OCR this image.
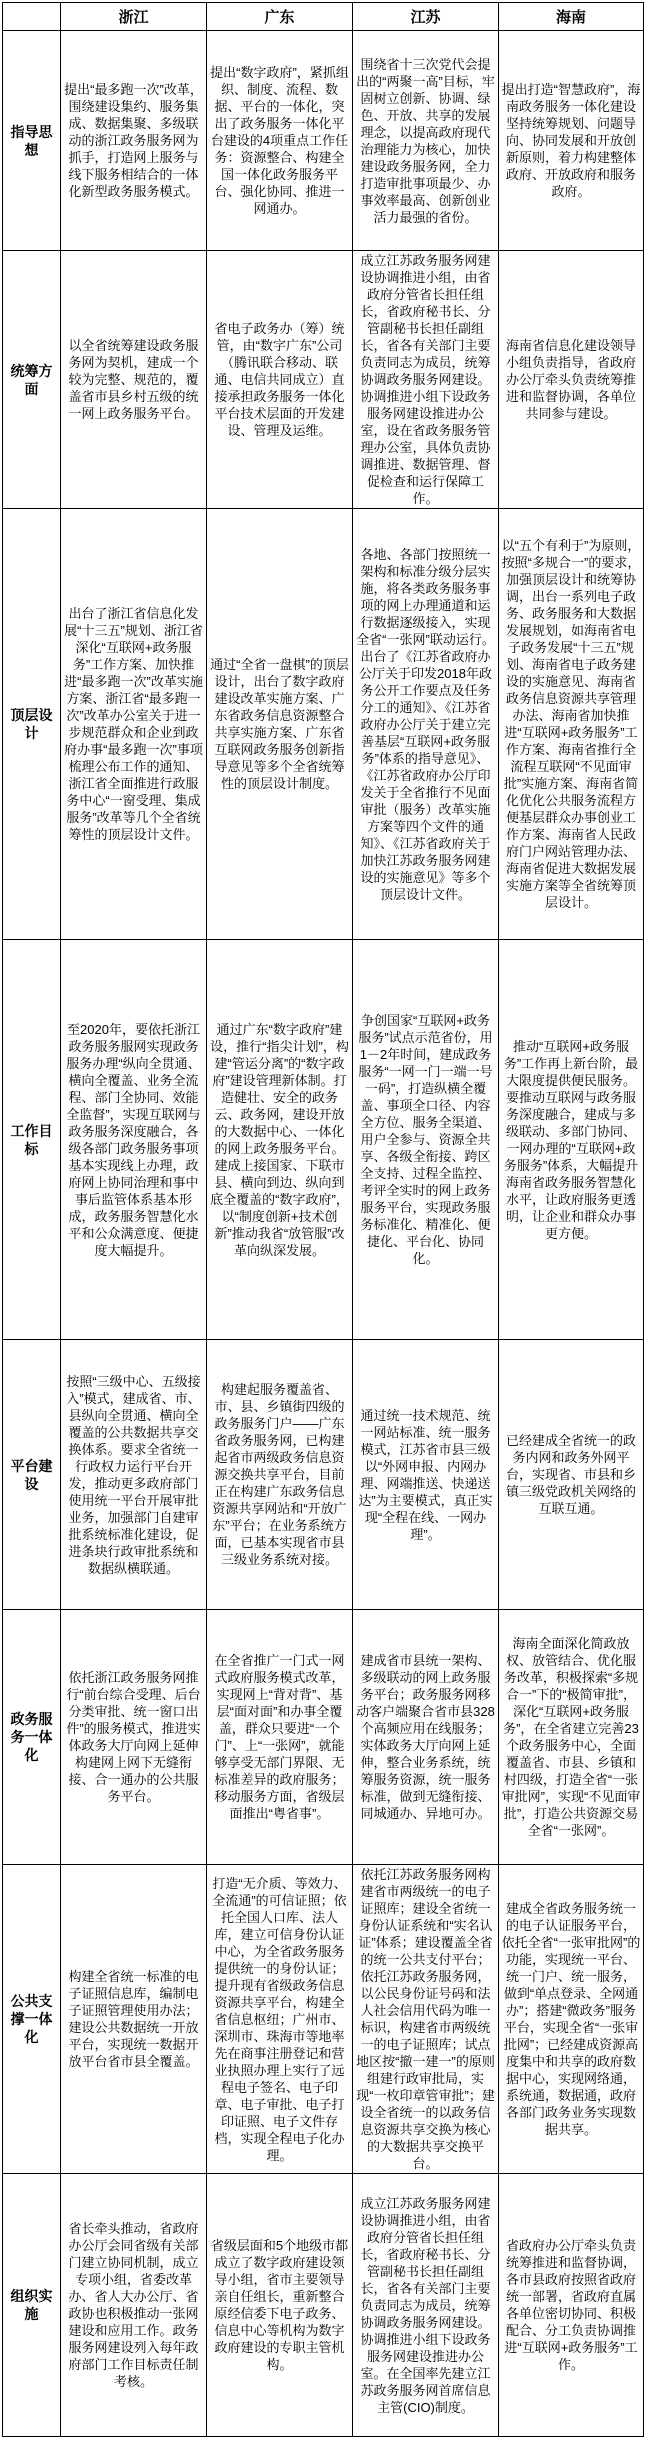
	浙江	广东	江苏	海南
指导思想	提出“最多跑一次”改革，围绕建设集约、服务集成、数据集聚、多级联动的浙江政务服务网为抓手，打造网上服务与线下服务相结合的一体化新型政务服务模式。	提出“数字政府”，紧抓组织、制度、流程、数据、平台的一体化，突出了政务服务一体化平台建设的4项重点工作任务：资源整合、构建全国一体化政务服务平台、强化协同、推进一网通办。	围绕省十三次党代会提出的“两聚一高”目标，牢固树立创新、协调、绿色、开放、共享的发展理念，以提高政府现代治理能力为核心，加快建设政务服务网，全力打造审批事项最少、办事效率最高、创新创业活力最强的省份。	提出打造“智慧政府”，海南政务服务一体化建设坚持统筹规划、问题导向、协同发展和开放创新原则，着力构建整体政府、开放政府和服务政府。
统筹方面	以全省统筹建设政务服务网为契机，建成一个较为完整、规范的，覆盖省市县乡村五级的统一网上政务服务平台。	省电子政务办（筹）统管，由“数字广东”公司（腾讯联合移动、联通、电信共同成立）直接承担政务服务一体化平台技术层面的开发建设、管理及运维。	成立江苏政务服务网建设协调推进小组，由省政府分管省长担任组长，省政府秘书长、分管副秘书长担任副组长，省各有关部门主要负责同志为成员，统筹协调政务服务网建设。协调推进小组下设政务服务网建设推进办公室，设在省政务服务管理办公室，具体负责协调推进、数据管理、督促检查和运行保障工作。	海南省信息化建设领导小组负责指导，省政府办公厅牵头负责统筹推进和监督协调，各单位共同参与建设。
顶层设计	出台了浙江省信息化发展“十三五”规划、浙江省深化“互联网+政务服务”工作方案、加快推进“最多跑一次”改革实施方案、浙江省“最多跑一次”改革办公室关于进一步规范群众和企业到政府办事“最多跑一次”事项梳理公布工作的通知、浙江省全面推进行政服务中心“一窗受理、集成服务”改革等几个全省统筹性的顶层设计文件。	通过“全省一盘棋”的顶层设计，出台了数字政府建设改革实施方案、广东省政务信息资源整合共享实施方案、广东省互联网政务服务创新指导意见等多个全省统筹性的顶层设计制度。	各地、各部门按照统一架构和标准分级分层实施，将各类政务服务事项的网上办理通道和运行数据逐级接入，实现全省“一张网”联动运行。出台了《江苏省政府办公厅关于印发2018年政务公开工作要点及任务分工的通知》、《江苏省政府办公厅关于建立完善基层“互联网+政务服务”体系的指导意见》、《江苏省政府办公厅印发关于全省推行不见面审批（服务）改革实施方案等四个文件的通知》、《江苏省政府关于加快江苏政务服务网建设的实施意见》等多个顶层设计文件。	以“五个有利于”为原则，按照“多规合一”的要求，加强顶层设计和统筹协调，出台一系列电子政务、政务服务和大数据发展规划，如海南省电子政务发展“十三五”规划、海南省电子政务建设的实施意见、海南省政务信息资源共享管理办法、海南省加快推进“互联网+政务服务”工作方案、海南省推行全流程互联网“不见面审批”实施方案、海南省简化优化公共服务流程方便基层群众办事创业工作方案、海南省人民政府门户网站管理办法、海南省促进大数据发展实施方案等全省统筹顶层设计。
工作目标	至2020年，要依托浙江政务服务服网实现政务服务办理“纵向全贯通、横向全覆盖、业务全流程、部门全协同、效能全监督”，实现互联网与政务服务深度融合，各级各部门政务服务事项基本实现线上办理，政府网上协同治理和事中事后监管体系基本形成，政务服务智慧化水平和公众满意度、便捷度大幅提升。	通过广东“数字政府”建设，推行“指尖计划”，构建“管运分离”的“数字政府”建设管理新体制。打造健壮、安全的政务云、政务网，建设开放的大数据中心、一体化的网上政务服务平台。建成上接国家、下联市县、横向到边、纵向到底全覆盖的“数字政府”，以“制度创新+技术创新”推动我省“放管服”改革向纵深发展。	争创国家“互联网+政务服务”试点示范省份，用1－2年时间，建成政务服务“一网一门一端一号一码”，打造纵横全覆盖、事项全口径、内容全方位、服务全渠道、用户全参与、资源全共享、各级全衔接、跨区全支持、过程全监控、考评全实时的网上政务服务平台，实现政务服务标准化、精准化、便捷化、平台化、协同化。	推动“互联网+政务服务”工作再上新台阶，最大限度提供便民服务。要推动互联网与政务服务深度融合，建成与多级联动、多部门协同、一网办理的“互联网+政务服务”体系，大幅提升海南省政务服务智慧化水平，让政府服务更透明，让企业和群众办事更方便。
平台建设	按照“三级中心、五级接入”模式，建成省、市、县纵向全贯通、横向全覆盖的公共数据共享交换体系。要求全省统一行政权力运行平台开发，推动更多政府部门使用统一平台开展审批业务，加强部门自建审批系统标准化建设，促进条块行政审批系统和数据纵横联通。	构建起服务覆盖省、市、县、乡镇街四级的政务服务门户——广东省政务服务网，已构建起省市两级政务信息资源交换共享平台，目前正在构建广东政务信息资源共享网站和“开放广东”平台；在业务系统方面，已基本实现省市县三级业务系统对接。	通过统一技术规范、统一网站标准、统一服务模式，江苏省市县三级以“外网申报、内网办理、网端推送、快递送达”为主要模式，真正实现“全程在线、一网办理”。	已经建成全省统一的政务内网和政务外网平台，实现省、市县和乡镇三级党政机关网络的互联互通。
政务服务一体化	依托浙江政务服务网推行“前台综合受理、后台分类审批、统一窗口出件”的服务模式，推进实体政务大厅向网上延伸构建网上网下无缝衔接、合一通办的公共服务平台。	在全省推广一门式一网式政府服务模式改革，实现网上“背对背”、基层“面对面”和办事全覆盖，群众只要进“一个门”、上“一张网”，就能够享受无部门界限、无标准差异的政府服务；移动服务方面，省级层面推出“粤省事”。	建成省市县统一架构、多级联动的网上政务服务平台；政务服务网移动客户端聚合省市县328个高频应用在线服务；实体政务大厅向网上延伸，整合业务系统，统筹服务资源，统一服务标准，做到无缝衔接、同城通办、异地可办。	海南全面深化简政放权、放管结合、优化服务改革，积极探索“多规合一”下的“极简审批”，深化“互联网+政务服务”，在全省建立完善23个政务服务中心，全面覆盖省、市县、乡镇和村四级，打造全省“一张审批网”，实现“不见面审批”，打造公共资源交易全省“一张网”。
公共支撑一体化	构建全省统一标准的电子证照信息库，编制电子证照管理使用办法；建设公共数据统一开放平台，实现统一数据开放平台省市县全覆盖。	打造“无介质、等效力、全流通”的可信证照；依托全国人口库、法人库，建立可信身份认证中心，为全省政务服务提供统一的身份认证；提升现有省级政务信息资源共享平台，构建全省信息枢纽；广州市、深圳市、珠海市等地率先在商事注册登记和营业执照办理上实行了远程电子签名、电子印章、电子审批、电子打印证照、电子文件存档，实现全程电子化办理。	依托江苏政务服务网构建省市两级统一的电子证照库；建设全省统一身份认证系统和“实名认证”体系；建设覆盖全省的统一公共支付平台；依托江苏政务服务网，以公民身份证号码和法人社会信用代码为唯一标识，构建省市两级统一的电子证照库；试点地区按“撤一建一”的原则组建行政审批局，实现“一枚印章管审批”；建设全省统一的以政务信息资源共享交换为核心的大数据共享交换平台。	建成全省政务服务统一的电子认证服务平台，依托全省“一张审批网”的功能，实现统一平台、统一门户、统一服务，做到“单点登录、全网通办”；搭建“微政务”服务平台，实现全省“一张审批网”；已经建成资源高度集中和共享的政府数据中心，实现网络通，系统通，数据通，政府各部门政务业务实现数据共享。
组织实施	省长牵头推动，省政府办公厅会同省级有关部门建立协同机制，成立专项小组，省委改革办、省人大办公厅、省政协也积极推动一张网建设和应用工作。政务服务网建设列入每年政府部门工作目标责任制考核。	省级层面和5个地级市都成立了数字政府建设领导小组，省市主要领导亲自任组长，重新整合原经信委下电子政务、信息中心等机构为数字政府建设的专职主管机构。	成立江苏政务服务网建设协调推进小组，由省政府分管省长担任组长，省政府秘书长、分管副秘书长担任副组长，省各有关部门主要负责同志为成员，统筹协调政务服务网建设。协调推进小组下设政务服务网建设推进办公室。在全国率先建立江苏政务服务网首席信息主管(CIO)制度。	省政府办公厅牵头负责统筹推进和监督协调，各市县政府按照省政府统一部署，省政府直属各单位密切协同、积极配合、分工负责协调推进“互联网+政务服务”工作。
